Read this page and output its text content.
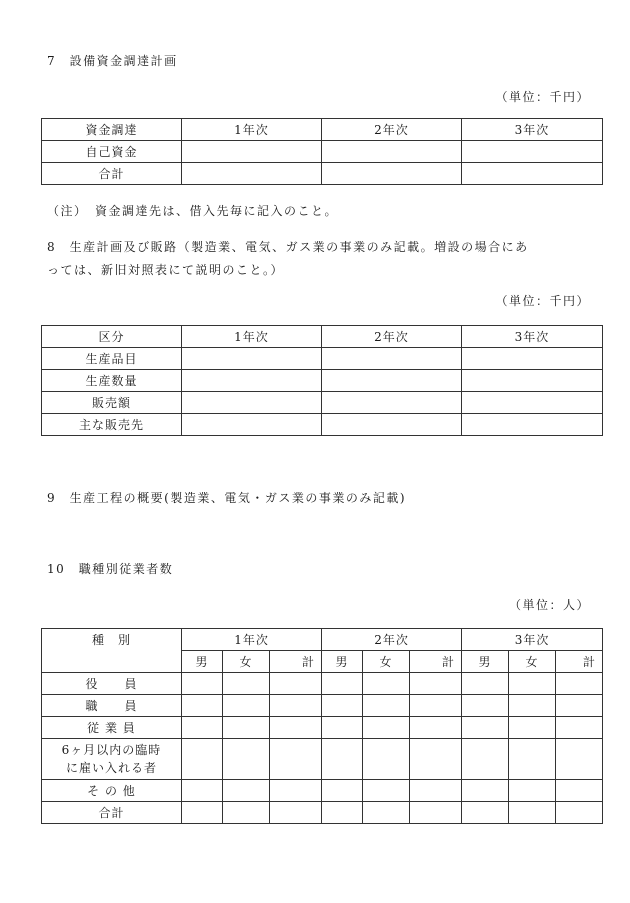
7　設備資金調達計画
（単位：千円）
資金調達	1年次	2年次	3年次
自己資金			
合計			
（注）　資金調達先は、借入先毎に記入のこと。
8　生産計画及び販路（製造業、電気、ガス業の事業のみ記載。増設の場合にあ
っては、新旧対照表にて説明のこと。）
（単位：千円）
区分	1年次	2年次	3年次
生産品目			
生産数量			
販売額			
主な販売先			
9　生産工程の概要(製造業、電気・ガス業の事業のみ記載)
10　職種別従業者数
（単位：人）
種　別	1年次			2年次			3年次		
	男	女	計	男	女	計	男	女	計
役　　員									
職　　員									
従 業 員									

6ヶ月以内の臨時
に雇い入れる者									

そ の 他									
合計									
